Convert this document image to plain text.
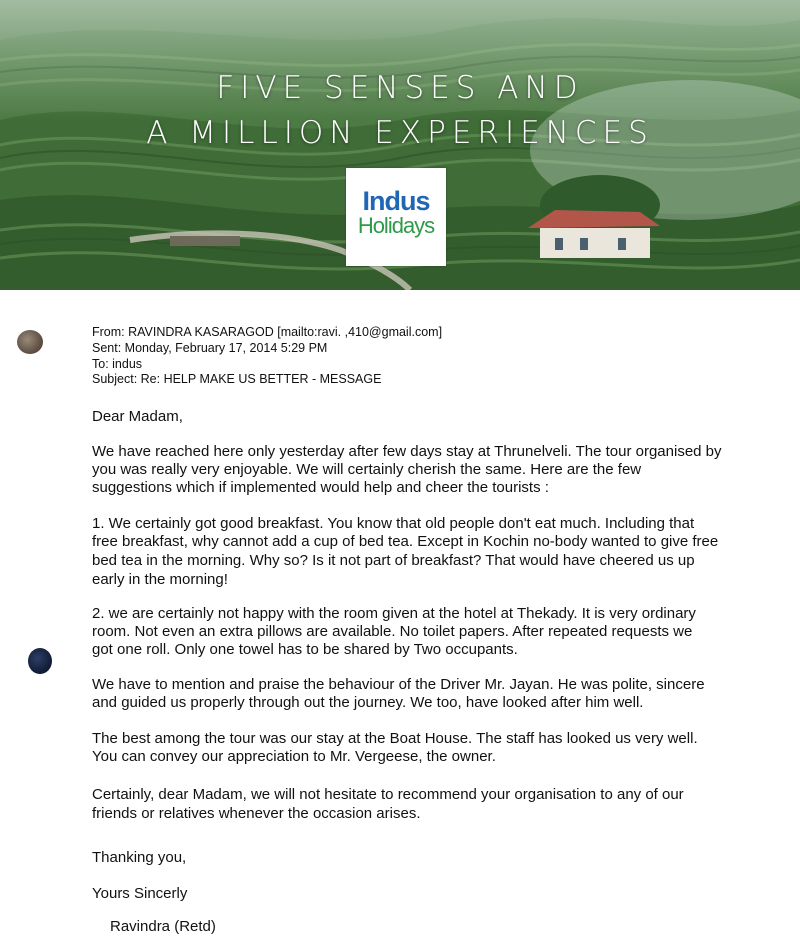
FIVE SENSES AND
A MILLION EXPERIENCES
Indus
Holidays
From: RAVINDRA KASARAGOD [mailto:ravi. ,410@gmail.com]
Sent: Monday, February 17, 2014 5:29 PM
To: indus
Subject: Re: HELP MAKE US BETTER - MESSAGE
Dear Madam,
We have reached here only yesterday after few days stay at Thrunelveli. The tour organised by
you was really very enjoyable. We will certainly cherish the same. Here are the few
suggestions which if implemented would help and cheer the tourists :
1. We certainly got good breakfast. You know that old people don't eat much. Including that
free breakfast, why cannot add a cup of bed tea. Except in Kochin no-body wanted to give free
bed tea in the morning. Why so? Is it not part of breakfast? That would have cheered us up
early in the morning!
2. we are certainly not happy with the room given at the hotel at Thekady. It is very ordinary
room. Not even an extra pillows are available. No toilet papers. After repeated requests we
got one roll. Only one towel has to be shared by Two occupants.
We have to mention and praise the behaviour of the Driver Mr. Jayan. He was polite, sincere
and guided us properly through out the journey. We too, have looked after him well.
The best among the tour was our stay at the Boat House. The staff has looked us very well.
You can convey our appreciation to Mr. Vergeese, the owner.
Certainly, dear Madam, we will not hesitate to recommend your organisation to any of our
friends or relatives whenever the occasion arises.
Thanking you,
Yours Sincerly
Ravindra (Retd)
